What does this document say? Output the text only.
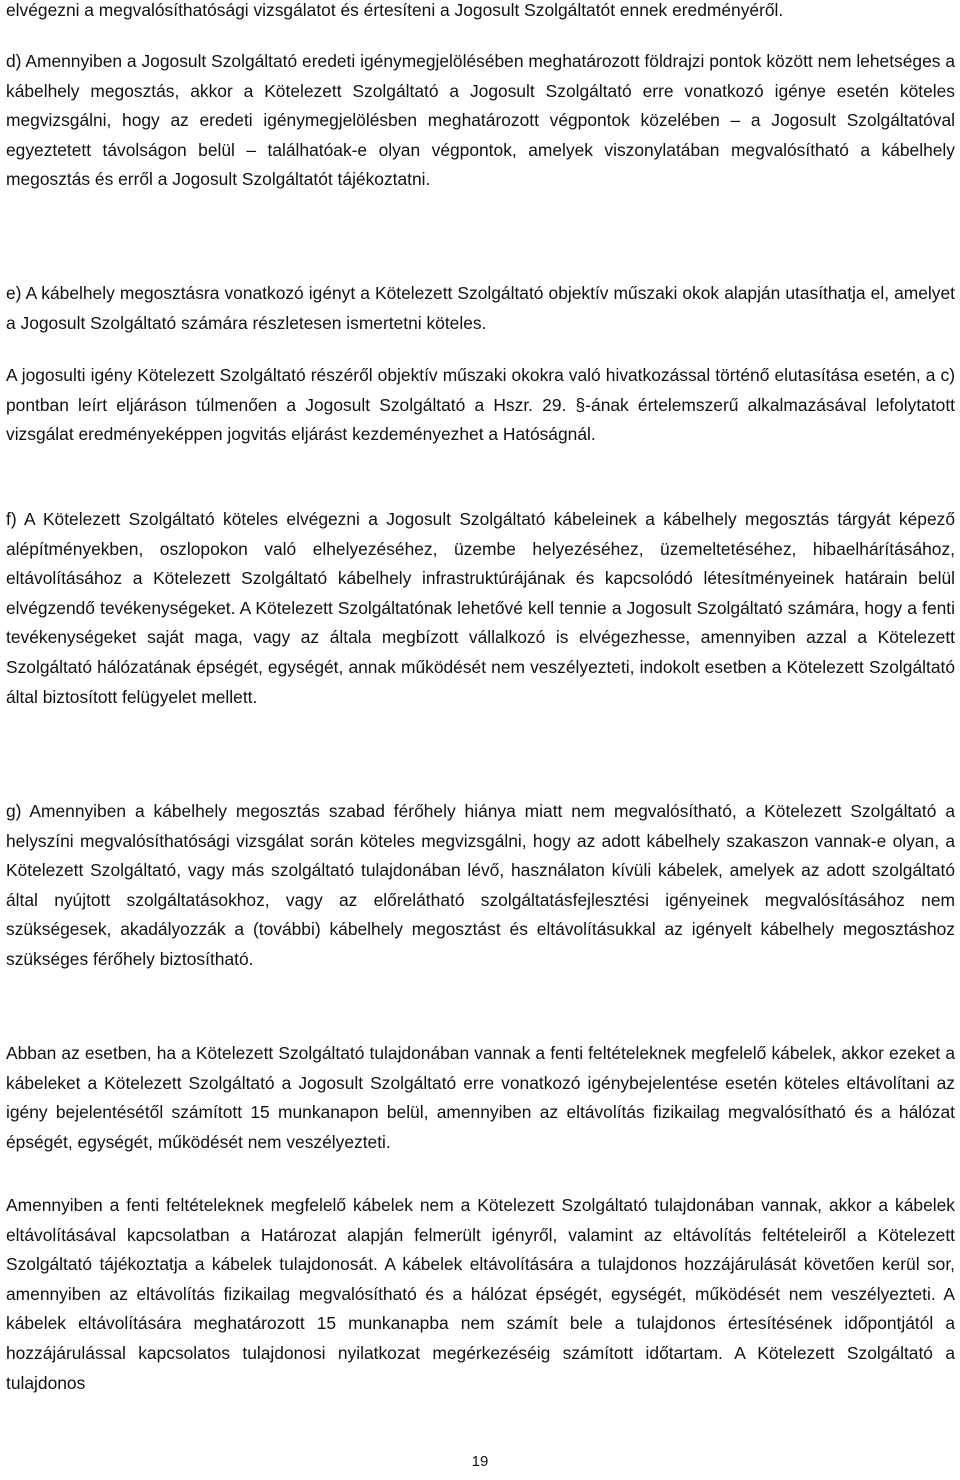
elvégezni a megvalósíthatósági vizsgálatot és értesíteni a Jogosult Szolgáltatót ennek eredményéről.

d) Amennyiben a Jogosult Szolgáltató eredeti igénymegjelölésében meghatározott földrajzi pontok között nem lehetséges a kábelhely megosztás, akkor a Kötelezett Szolgáltató a Jogosult Szolgáltató erre vonatkozó igénye esetén köteles megvizsgálni, hogy az eredeti igénymegjelölésben meghatározott végpontok közelében – a Jogosult Szolgáltatóval egyeztetett távolságon belül – találhatóak-e olyan végpontok, amelyek viszonylatában megvalósítható a kábelhely megosztás és erről a Jogosult Szolgáltatót tájékoztatni.

e) A kábelhely megosztásra vonatkozó igényt a Kötelezett Szolgáltató objektív műszaki okok alapján utasíthatja el, amelyet a Jogosult Szolgáltató számára részletesen ismertetni köteles.

A jogosulti igény Kötelezett Szolgáltató részéről objektív műszaki okokra való hivatkozással történő elutasítása esetén, a c) pontban leírt eljáráson túlmenően a Jogosult Szolgáltató a Hszr. 29. §-ának értelemszerű alkalmazásával lefolytatott vizsgálat eredményeképpen jogvitás eljárást kezdeményezhet a Hatóságnál.

f) A Kötelezett Szolgáltató köteles elvégezni a Jogosult Szolgáltató kábeleinek a kábelhely megosztás tárgyát képező alépítményekben, oszlopokon való elhelyezéséhez, üzembe helyezéséhez, üzemeltetéséhez, hibaelhárításához, eltávolításához a Kötelezett Szolgáltató kábelhely infrastruktúrájának és kapcsolódó létesítményeinek határain belül elvégzendő tevékenységeket. A Kötelezett Szolgáltatónak lehetővé kell tennie a Jogosult Szolgáltató számára, hogy a fenti tevékenységeket saját maga, vagy az általa megbízott vállalkozó is elvégezhesse, amennyiben azzal a Kötelezett Szolgáltató hálózatának épségét, egységét, annak működését nem veszélyezteti, indokolt esetben a Kötelezett Szolgáltató által biztosított felügyelet mellett.

g) Amennyiben a kábelhely megosztás szabad férőhely hiánya miatt nem megvalósítható, a Kötelezett Szolgáltató a helyszíni megvalósíthatósági vizsgálat során köteles megvizsgálni, hogy az adott kábelhely szakaszon vannak-e olyan, a Kötelezett Szolgáltató, vagy más szolgáltató tulajdonában lévő, használaton kívüli kábelek, amelyek az adott szolgáltató által nyújtott szolgáltatásokhoz, vagy az előrelátható szolgáltatásfejlesztési igényeinek megvalósításához nem szükségesek, akadályozzák a (további) kábelhely megosztást és eltávolításukkal az igényelt kábelhely megosztáshoz szükséges férőhely biztosítható.

Abban az esetben, ha a Kötelezett Szolgáltató tulajdonában vannak a fenti feltételeknek megfelelő kábelek, akkor ezeket a kábeleket a Kötelezett Szolgáltató a Jogosult Szolgáltató erre vonatkozó igénybejelentése esetén köteles eltávolítani az igény bejelentésétől számított 15 munkanapon belül, amennyiben az eltávolítás fizikailag megvalósítható és a hálózat épségét, egységét, működését nem veszélyezteti.

Amennyiben a fenti feltételeknek megfelelő kábelek nem a Kötelezett Szolgáltató tulajdonában vannak, akkor a kábelek eltávolításával kapcsolatban a Határozat alapján felmerült igényről, valamint az eltávolítás feltételeiről a Kötelezett Szolgáltató tájékoztatja a kábelek tulajdonosát. A kábelek eltávolítására a tulajdonos hozzájárulását követően kerül sor, amennyiben az eltávolítás fizikailag megvalósítható és a hálózat épségét, egységét, működését nem veszélyezteti. A kábelek eltávolítására meghatározott 15 munkanapba nem számít bele a tulajdonos értesítésének időpontjától a hozzájárulással kapcsolatos tulajdonosi nyilatkozat megérkezéséig számított időtartam. A Kötelezett Szolgáltató a tulajdonos

19
